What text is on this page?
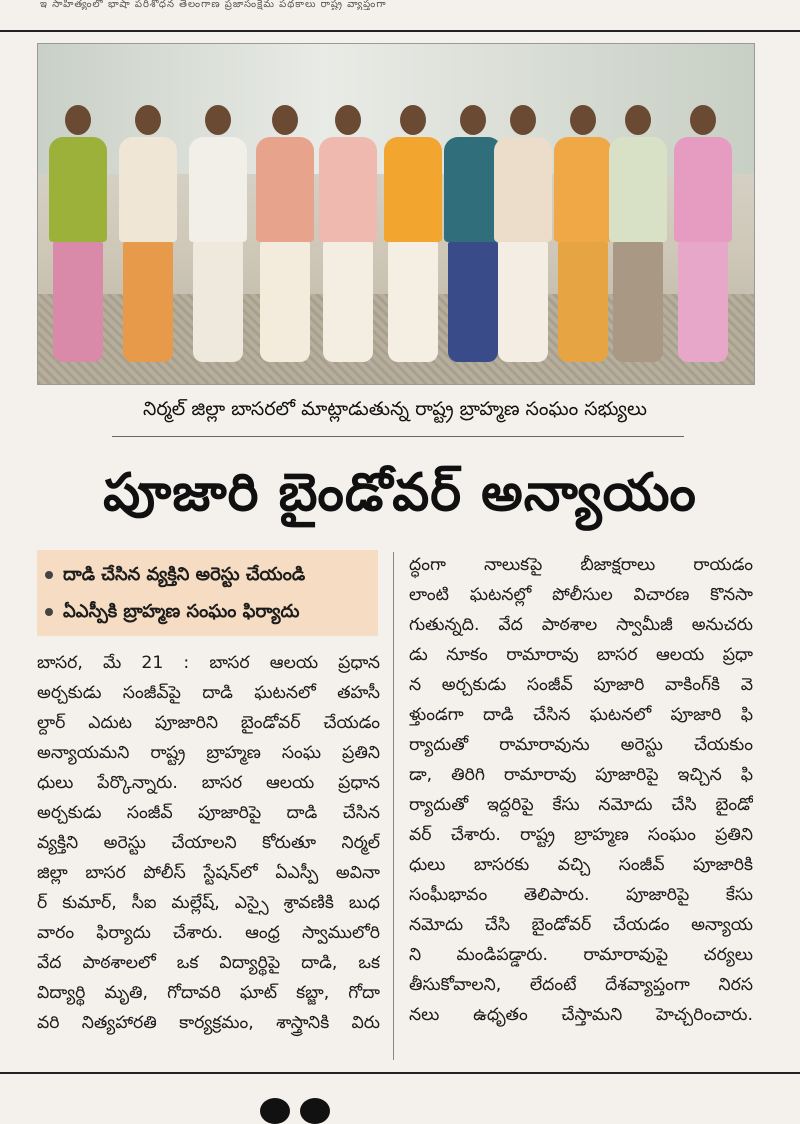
ఇ సాహిత్యంలో భాషా పరిశోధన తెలంగాణ ప్రజాసంక్షేమ పథకాలు రాష్ట్ర వ్యాప్తంగా
నిర్మల్ జిల్లా బాసరలో మాట్లాడుతున్న రాష్ట్ర బ్రాహ్మణ సంఘం సభ్యులు
పూజారి బైండోవర్ అన్యాయం
దాడి చేసిన వ్యక్తిని అరెస్టు చేయండి
ఏఎస్పీకి బ్రాహ్మణ సంఘం ఫిర్యాదు

బాసర, మే 21 : బాసర ఆలయ ప్రధాన

అర్చకుడు సంజీవ్‌పై దాడి ఘటనలో తహసీ

ల్దార్ ఎదుట పూజారిని బైండోవర్ చేయడం

అన్యాయమని రాష్ట్ర బ్రాహ్మణ సంఘ ప్రతిని

ధులు పేర్కొన్నారు. బాసర ఆలయ ప్రధాన

అర్చకుడు సంజీవ్ పూజారిపై దాడి చేసిన

వ్యక్తిని అరెస్టు చేయాలని కోరుతూ నిర్మల్

జిల్లా బాసర పోలీస్ స్టేషన్‌లో ఏఎస్పీ అవినా

ర్ కుమార్, సీఐ మల్లేష్, ఎస్సై శ్రావణికి బుధ

వారం ఫిర్యాదు చేశారు. ఆంధ్ర స్వాములోరి

వేద పాఠశాలలో ఒక విద్యార్థిపై దాడి, ఒక

విద్యార్థి మృతి, గోదావరి ఘాట్ కబ్జా, గోదా

వరి నిత్యహారతి కార్యక్రమం, శాస్త్రానికి విరు

ద్ధంగా నాలుకపై బీజాక్షరాలు రాయడం

లాంటి ఘటనల్లో పోలీసుల విచారణ కొనసా

గుతున్నది. వేద పాఠశాల స్వామీజీ అనుచరు

డు నూకం రామారావు బాసర ఆలయ ప్రధా

న అర్చకుడు సంజీవ్ పూజారి వాకింగ్‌కి వె

ళ్తుండగా దాడి చేసిన ఘటనలో పూజారి ఫి

ర్యాదుతో రామారావును అరెస్టు చేయకుం

డా, తిరిగి రామారావు పూజారిపై ఇచ్చిన ఫి

ర్యాదుతో ఇద్దరిపై కేసు నమోదు చేసి బైండో

వర్ చేశారు. రాష్ట్ర బ్రాహ్మణ సంఘం ప్రతిని

ధులు బాసరకు వచ్చి సంజీవ్ పూజారికి

సంఘీభావం తెలిపారు. పూజారిపై కేసు

నమోదు చేసి బైండోవర్ చేయడం అన్యాయ

ని మండిపడ్డారు. రామారావుపై చర్యలు

తీసుకోవాలని, లేదంటే దేశవ్యాప్తంగా నిరస

నలు ఉధృతం చేస్తామని హెచ్చరించారు.
